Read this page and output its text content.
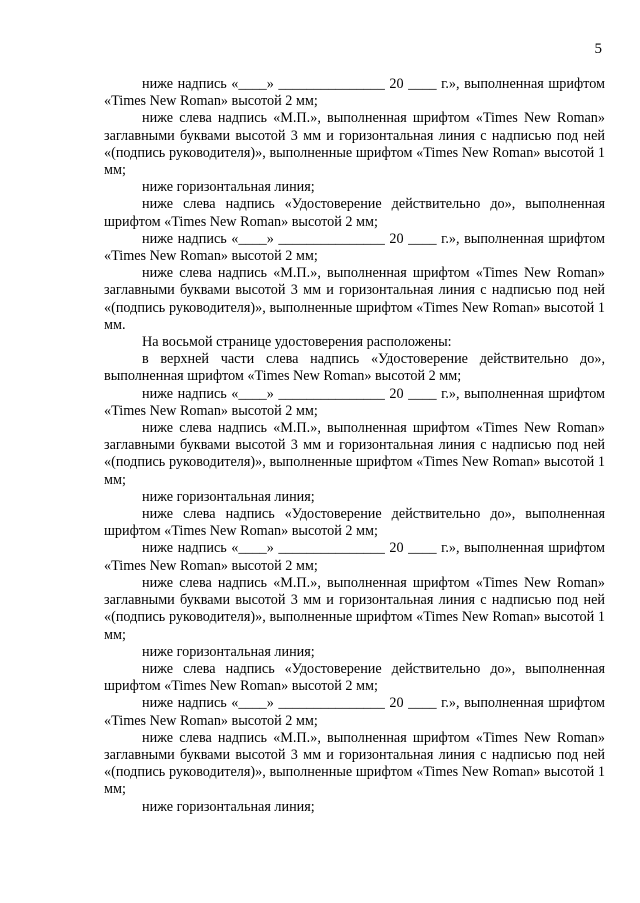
5

ниже надпись «____» _______________ 20 ____ г.», выполненная шрифтом «Times New Roman» высотой 2 мм;

ниже слева надпись «М.П.», выполненная шрифтом «Times New Roman» заглавными буквами высотой 3 мм и горизонтальная линия с надписью под ней «(подпись руководителя)», выполненные шрифтом «Times New Roman» высотой 1 мм;

ниже горизонтальная линия;

ниже слева надпись «Удостоверение действительно до», выполненная шрифтом «Times New Roman» высотой 2 мм;

ниже надпись «____» _______________ 20 ____ г.», выполненная шрифтом «Times New Roman» высотой 2 мм;

ниже слева надпись «М.П.», выполненная шрифтом «Times New Roman» заглавными буквами высотой 3 мм и горизонтальная линия с надписью под ней «(подпись руководителя)», выполненные шрифтом «Times New Roman» высотой 1 мм.

На восьмой странице удостоверения расположены:

в верхней части слева надпись «Удостоверение действительно до», выполненная шрифтом «Times New Roman» высотой 2 мм;

ниже надпись «____» _______________ 20 ____ г.», выполненная шрифтом «Times New Roman» высотой 2 мм;

ниже слева надпись «М.П.», выполненная шрифтом «Times New Roman» заглавными буквами высотой 3 мм и горизонтальная линия с надписью под ней «(подпись руководителя)», выполненные шрифтом «Times New Roman» высотой 1 мм;

ниже горизонтальная линия;

ниже слева надпись «Удостоверение действительно до», выполненная шрифтом «Times New Roman» высотой 2 мм;

ниже надпись «____» _______________ 20 ____ г.», выполненная шрифтом «Times New Roman» высотой 2 мм;

ниже слева надпись «М.П.», выполненная шрифтом «Times New Roman» заглавными буквами высотой 3 мм и горизонтальная линия с надписью под ней «(подпись руководителя)», выполненные шрифтом «Times New Roman» высотой 1 мм;

ниже горизонтальная линия;

ниже слева надпись «Удостоверение действительно до», выполненная шрифтом «Times New Roman» высотой 2 мм;

ниже надпись «____» _______________ 20 ____ г.», выполненная шрифтом «Times New Roman» высотой 2 мм;

ниже слева надпись «М.П.», выполненная шрифтом «Times New Roman» заглавными буквами высотой 3 мм и горизонтальная линия с надписью под ней «(подпись руководителя)», выполненные шрифтом «Times New Roman» высотой 1 мм;

ниже горизонтальная линия;
